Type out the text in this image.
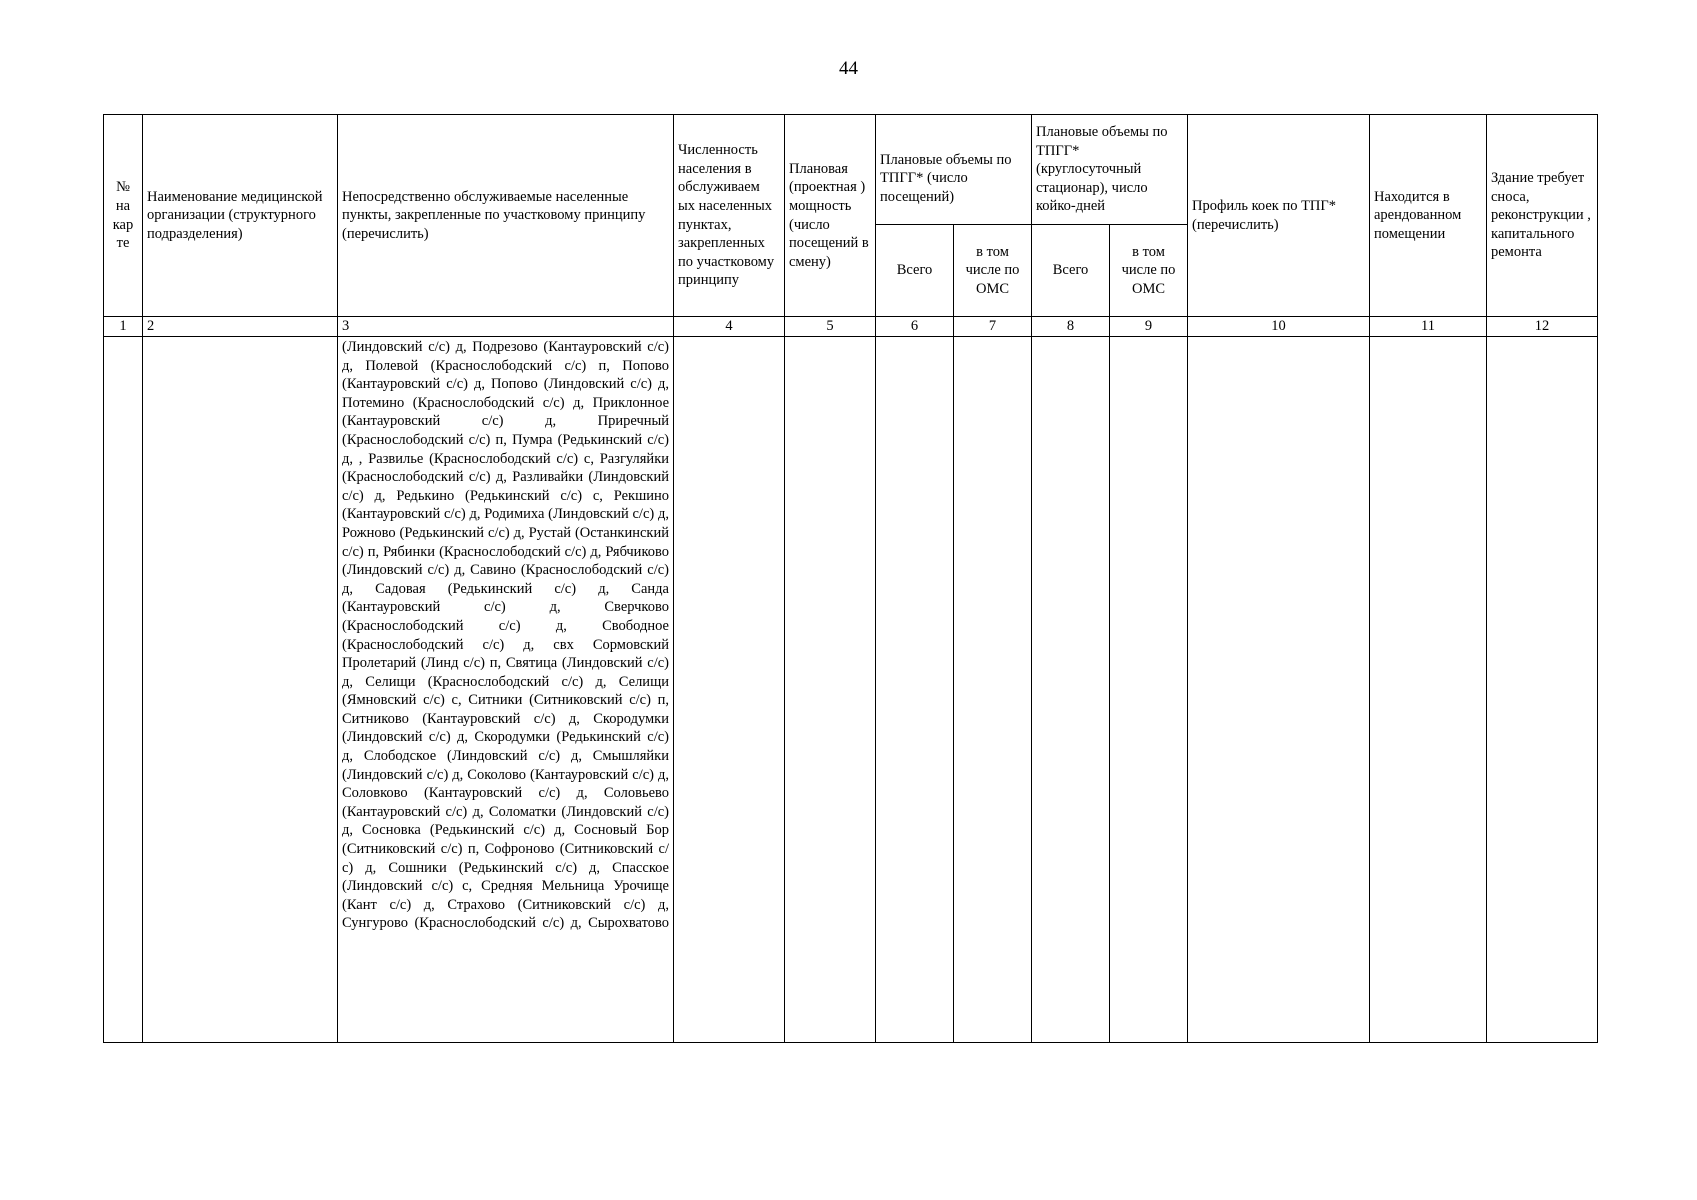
44
№ на кар те	Наименование медицинской организации (структурного подразделения)	Непосредственно обслуживаемые населенные пункты, закрепленные по участковому принципу (перечислить)	Численность населения в обслуживаем ых населенных пунктах, закрепленных по участковому принципу	Плановая (проектная ) мощность (число посещений в смену)	Плановые объемы по ТПГГ* (число посещений)		Плановые объемы по ТПГГ* (круглосуточный стационар), число койко-дней		Профиль коек по ТПГ* (перечислить)	Находится в арендованном помещении	Здание требует сноса, реконструкции , капитального ремонта
					Всего	в том числе по ОМС	Всего	в том числе по ОМС			
1	2	3	4	5	6	7	8	9	10	11	12

		(Линдовский с/с) д, Подрезово (Кантауровский с/с) д, Полевой (Краснослободский с/с) п, Попово (Кантауровский с/с) д, Попово (Линдовский с/с) д, Потемино (Краснослободский с/с) д, Приклонное (Кантауровский с/с) д, Приречный (Краснослободский с/с) п, Пумра (Редькинский с/с) д, , Развилье (Краснослободский с/с) с, Разгуляйки (Краснослободский с/с) д, Разливайки (Линдовский с/с) д, Редькино (Редькинский с/с) с, Рекшино (Кантауровский с/с) д, Родимиха (Линдовский с/с) д, Рожново (Редькинский с/с) д, Рустай (Останкинский с/с) п, Рябинки (Краснослободский с/с) д, Рябчиково (Линдовский с/с) д, Савино (Краснослободский с/с) д, Садовая (Редькинский с/с) д, Санда (Кантауровский с/с) д, Сверчково (Краснослободский с/с) д, Свободное (Краснослободский с/с) д, свх Сормовский Пролетарий (Линд с/с) п, Святица (Линдовский с/с) д, Селищи (Краснослободский с/с) д, Селищи (Ямновский с/с) с, Ситники (Ситниковский с/с) п, Ситниково (Кантауровский с/с) д, Скородумки (Линдовский с/с) д, Скородумки (Редькинский с/с) д, Слободское (Линдовский с/с) д, Смышляйки (Линдовский с/с) д, Соколово (Кантауровский с/с) д, Соловково (Кантауровский с/с) д, Соловьево (Кантауровский с/с) д, Соломатки (Линдовский с/с) д, Сосновка (Редькинский с/с) д, Сосновый Бор (Ситниковский с/с) п, Софроново (Ситниковский с/с) д, Сошники (Редькинский с/с) д, Спасское (Линдовский с/с) с, Средняя Мельница Урочище (Кант с/с) д, Страхово (Ситниковский с/с) д, Сунгурово (Краснослободский с/с) д, Сырохватово									
